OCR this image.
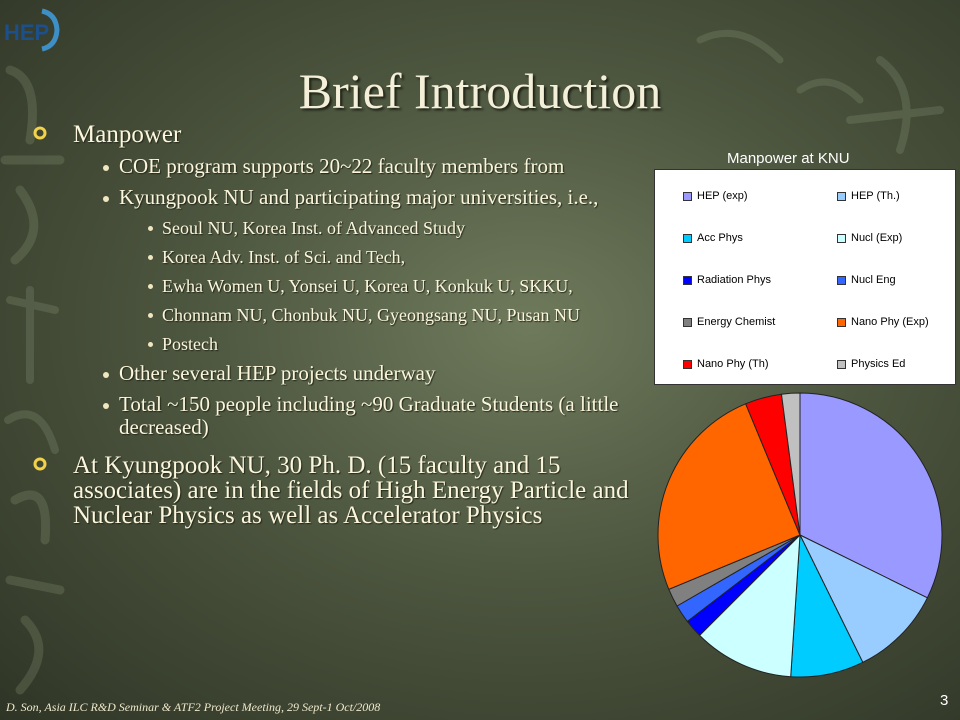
HEP
Brief Introduction
Manpower
COE program supports 20~22 faculty members from
Kyungpook NU and participating major universities, i.e.,
Seoul NU, Korea Inst. of Advanced Study
Korea Adv. Inst. of Sci. and Tech,
Ewha Women U, Yonsei U, Korea U, Konkuk U, SKKU,
Chonnam NU, Chonbuk NU, Gyeongsang NU, Pusan NU
Postech
Other several HEP projects underway
Total ~150 people including ~90 Graduate Students (a little decreased)
At Kyungpook NU, 30 Ph. D. (15 faculty and 15 associates) are in the fields of High Energy Particle and Nuclear Physics as well as Accelerator Physics
Manpower at KNU
HEP (exp)	HEP (Th.)
Acc Phys	Nucl (Exp)
Radiation Phys	Nucl Eng
Energy Chemist	Nano Phy (Exp)
Nano Phy (Th)	Physics Ed
D. Son, Asia ILC R&D Seminar & ATF2 Project Meeting, 29 Sept-1 Oct/2008	3
